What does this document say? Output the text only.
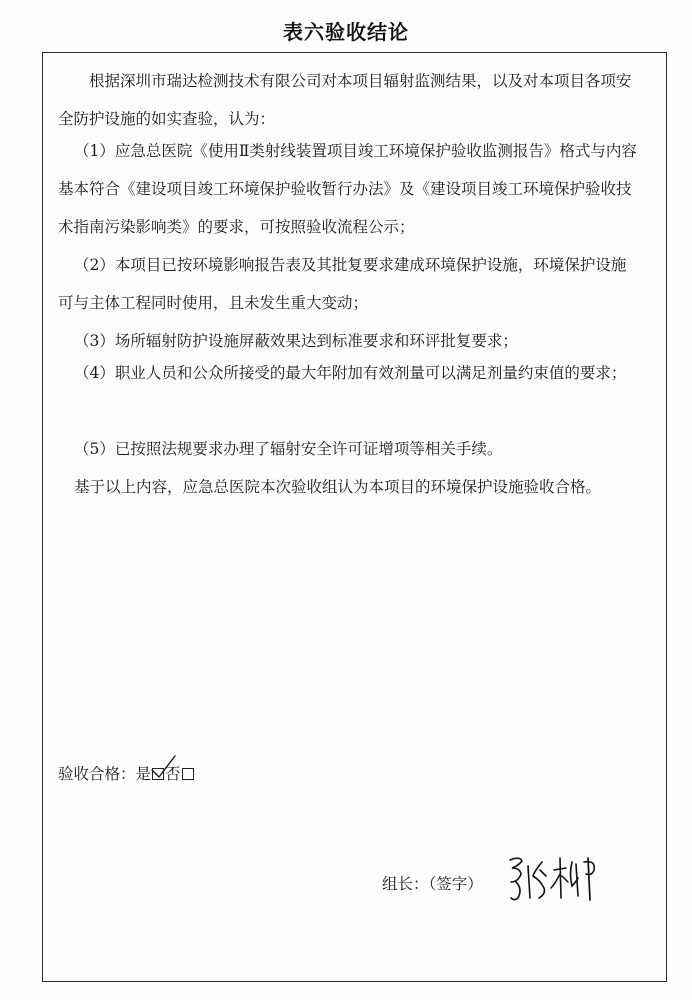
表六验收结论

根据深圳市瑞达检测技术有限公司对本项目辐射监测结果，以及对本项目各项安全防护设施的如实查验，认为：

（1）应急总医院《使用Ⅱ类射线装置项目竣工环境保护验收监测报告》格式与内容基本符合《建设项目竣工环境保护验收暂行办法》及《建设项目竣工环境保护验收技术指南污染影响类》的要求，可按照验收流程公示；

（2）本项目已按环境影响报告表及其批复要求建成环境保护设施，环境保护设施可与主体工程同时使用，且未发生重大变动；

（3）场所辐射防护设施屏蔽效果达到标准要求和环评批复要求；

（4）职业人员和公众所接受的最大年附加有效剂量可以满足剂量约束值的要求；

（5）已按照法规要求办理了辐射安全许可证增项等相关手续。

基于以上内容，应急总医院本次验收组认为本项目的环境保护设施验收合格。

验收合格： 是 否
组长：（签字）
